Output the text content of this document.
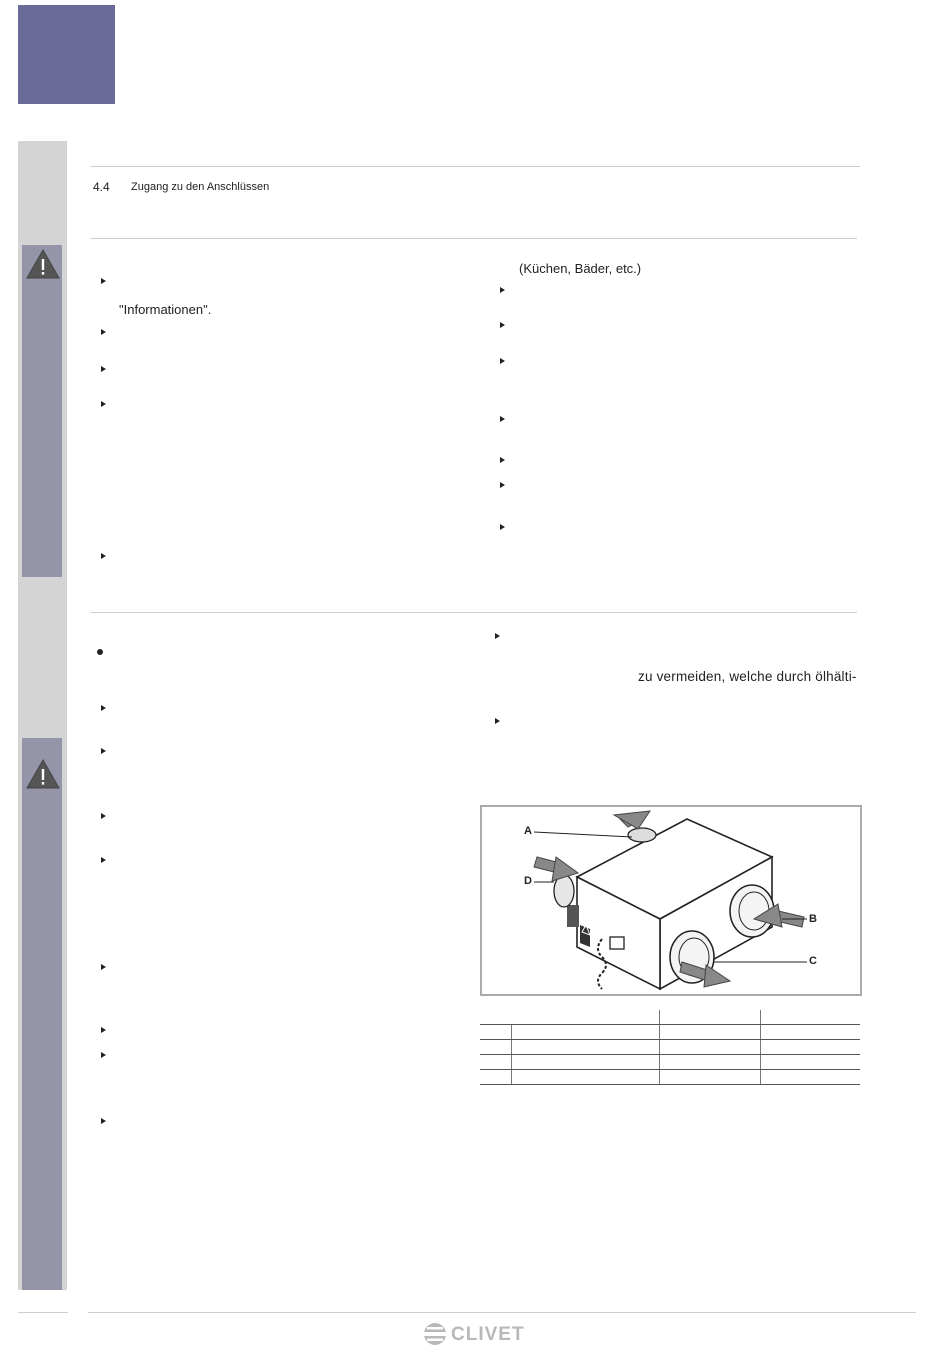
4.4 Zugang zu den Anschlüssen
"Informationen".
(Küchen, Bäder, etc.)
zu vermeiden, welche durch ölhälti-
A
D
B
C

CLIVET
